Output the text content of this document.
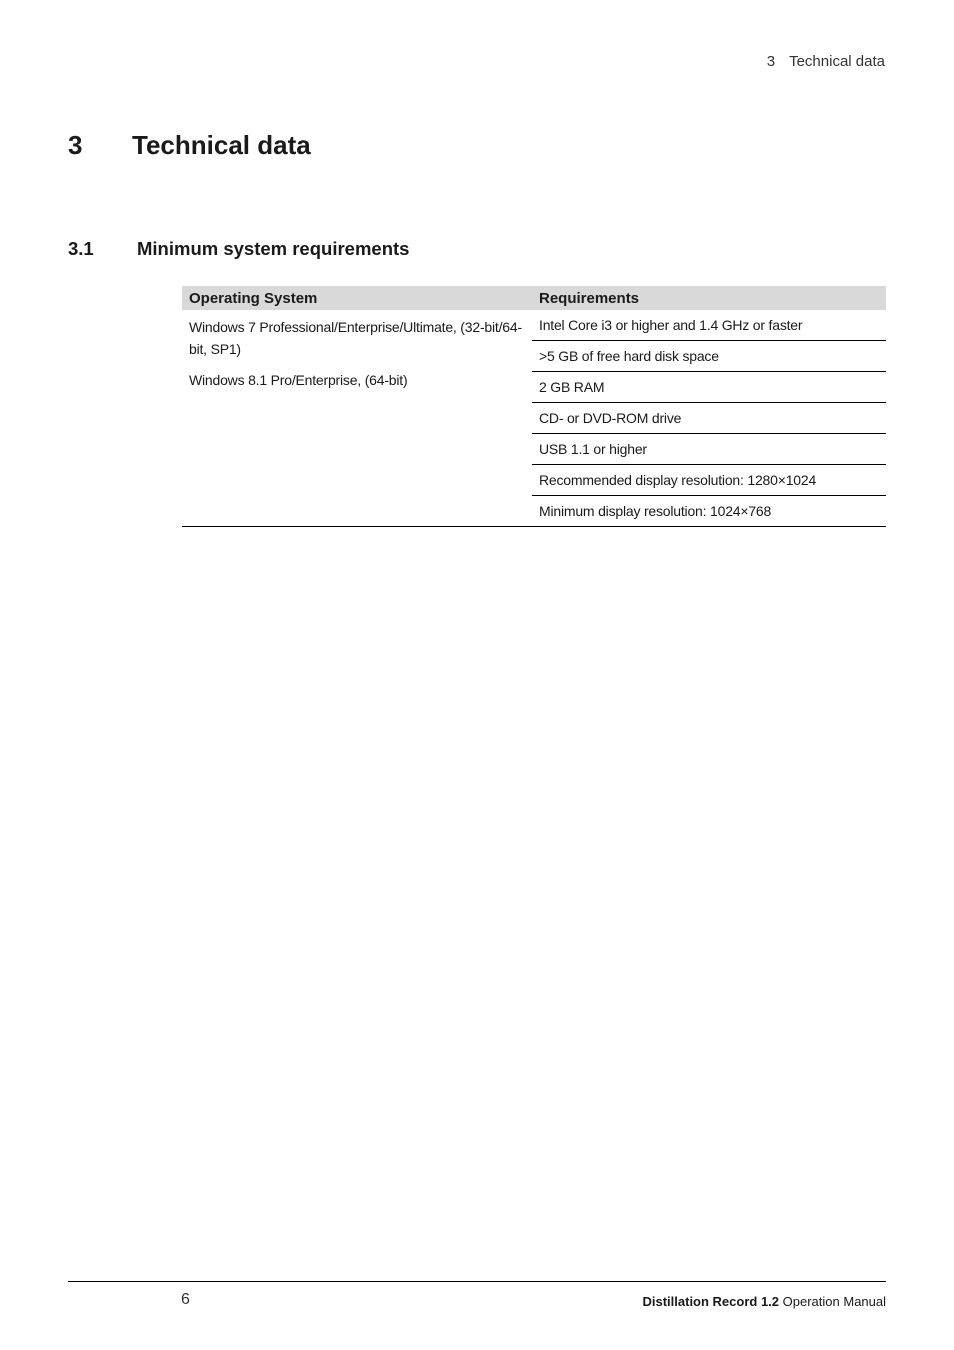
3 Technical data
3 Technical data
3.1 Minimum system requirements
Operating System	Requirements

Windows 7 Professional/Enterprise/Ultimate, (32-bit/64-bit, SP1)
Windows 8.1 Pro/Enterprise, (64-bit)	Intel Core i3 or higher and 1.4 GHz or faster
	>5 GB of free hard disk space
	2 GB RAM
	CD- or DVD-ROM drive
	USB 1.1 or higher
	Recommended display resolution: 1280×1024
	Minimum display resolution: 1024×768
6	Distillation Record 1.2 Operation Manual
